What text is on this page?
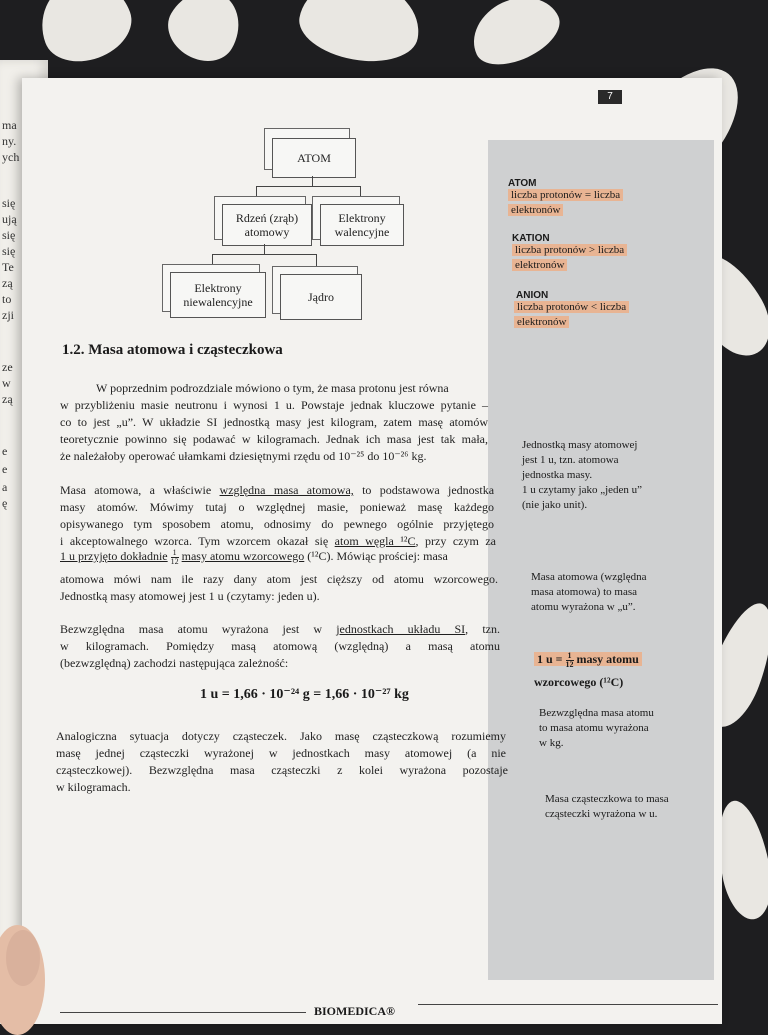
ma
ny.
ych
się
ują
się
się
Te
zą
to
zji
ze
w
zą
e
e
a
ę
7
ATOM
liczba protonów = liczba
elektronów
KATION
liczba protonów > liczba
elektronów
ANION
liczba protonów < liczba
elektronów
Jednostką masy atomowej
jest 1 u, tzn. atomowa
jednostka masy.
1 u czytamy jako „jeden u”
(nie jako unit).
Masa atomowa (względna
masa atomowa) to masa
atomu wyrażona w „u”.
1 $u = \frac{1}{12}$ masy atomu
wzorcowego (¹²C)
Bezwzględna masa atomu
to masa atomu wyrażona
w kg.
Masa cząsteczkowa to masa
cząsteczki wyrażona w u.
ATOM
Rdzeń (zrąb) atomowy
Elektrony walencyjne
Elektrony niewalencyjne	Jądro
1.2. Masa atomowa i cząsteczkowa
W poprzednim podrozdziale mówiono o tym, że masa protonu jest równa
w przybliżeniu masie neutronu i wynosi 1 u. Powstaje jednak kluczowe pytanie –
co to jest „u”. W układzie SI jednostką masy jest kilogram, zatem masę atomów
teoretycznie powinno się podawać w kilogramach. Jednak ich masa jest tak mała,
że należałoby operować ułamkami dziesiętnymi rzędu od 10⁻²⁵ do 10⁻²⁶ kg.
Masa atomowa, a właściwie względna masa atomowa, to podstawowa jednostka
masy atomów. Mówimy tutaj o względnej masie, ponieważ masę każdego
opisywanego tym sposobem atomu, odnosimy do pewnego ogólnie przyjętego
i akceptowalnego wzorca. Tym wzorcem okazał się atom węgla ¹²C, przy czym za
1 u przyjęto dokładnie $\frac{1}{12}$ masy atomu wzorcowego (¹²C). Mówiąc prościej: masa
atomowa mówi nam ile razy dany atom jest cięższy od atomu wzorcowego.
Jednostką masy atomowej jest 1 u (czytamy: jeden u).
Bezwzględna masa atomu wyrażona jest w jednostkach układu SI, tzn.
w kilogramach. Pomiędzy masą atomową (względną) a masą atomu
(bezwzględną) zachodzi następująca zależność:
1 u = 1,66 · 10⁻²⁴ g = 1,66 · 10⁻²⁷ kg
Analogiczna sytuacja dotyczy cząsteczek. Jako masę cząsteczkową rozumiemy
masę jednej cząsteczki wyrażonej w jednostkach masy atomowej (a nie
cząsteczkowej). Bezwzględna masa cząsteczki z kolei wyrażona pozostaje
w kilogramach.
BIOMEDICA®
